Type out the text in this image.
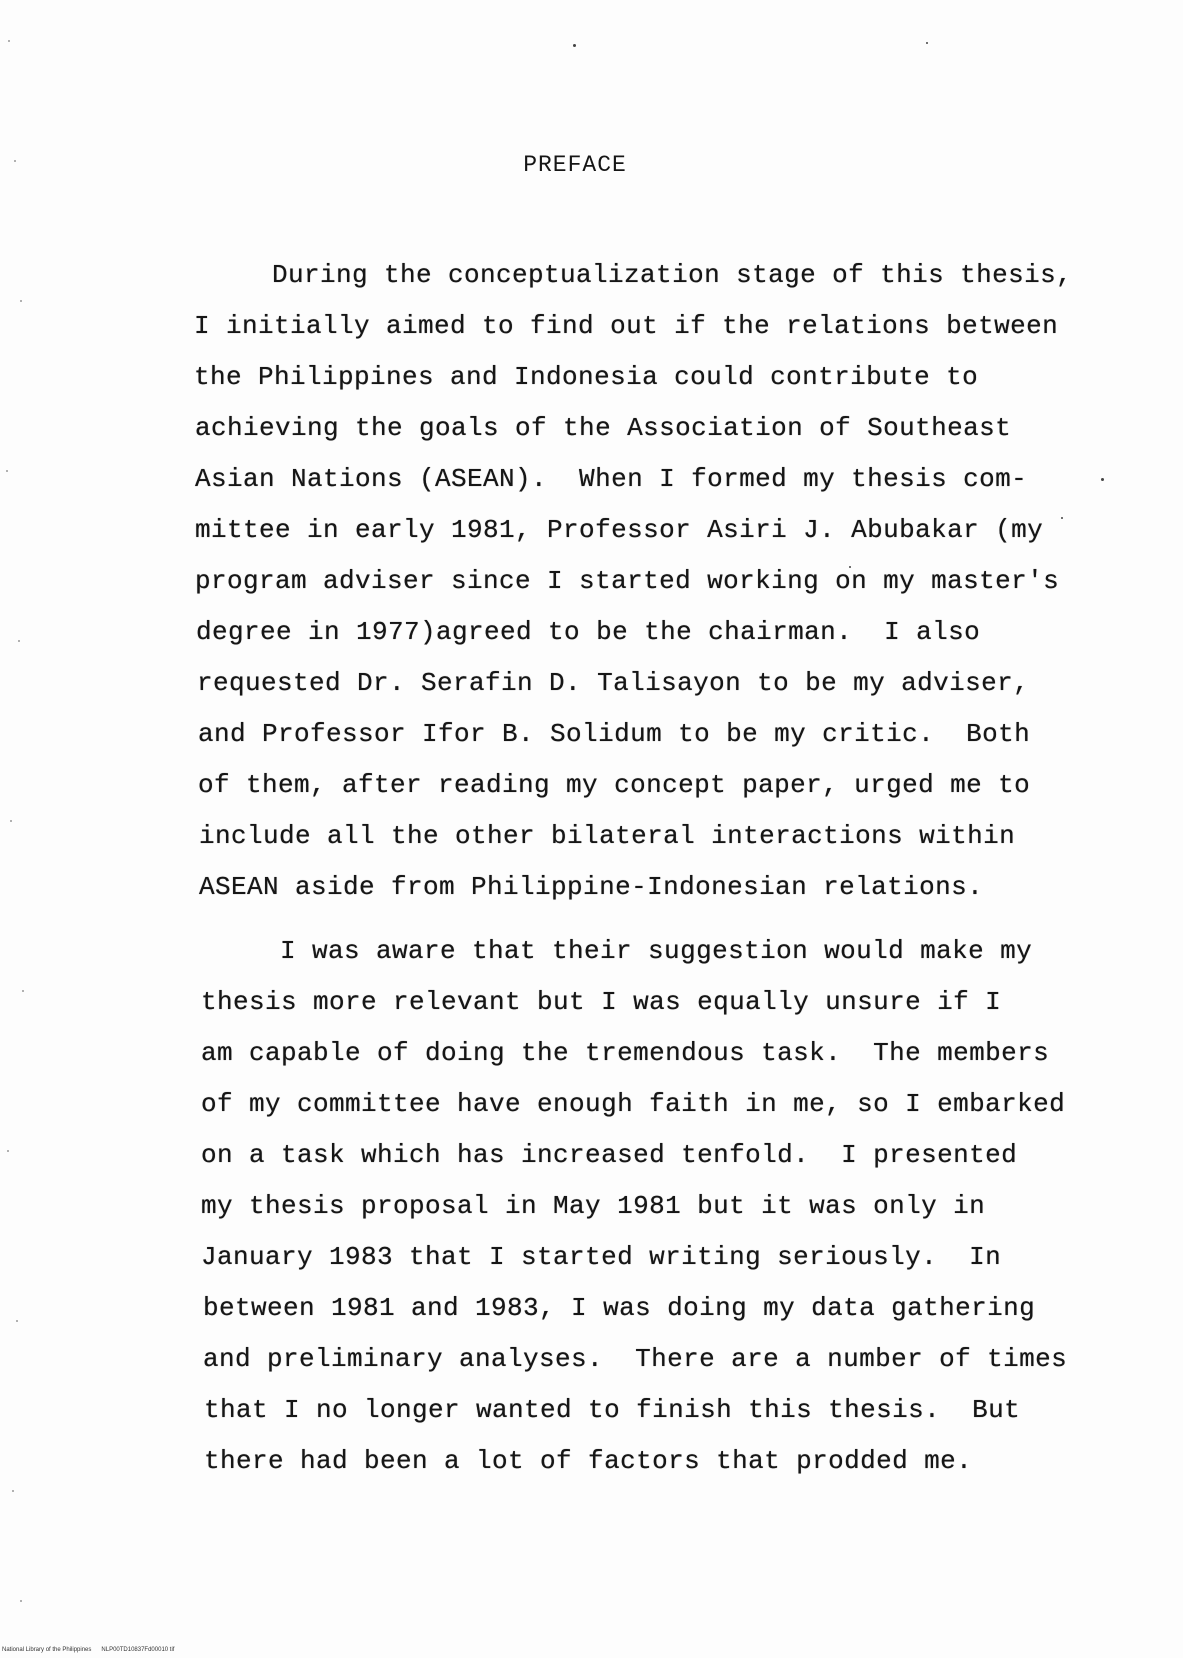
PREFACE
During the conceptualization stage of this thesis,
I initially aimed to find out if the relations between
the Philippines and Indonesia could contribute to
achieving the goals of the Association of Southeast
Asian Nations (ASEAN).  When I formed my thesis com-
mittee in early 1981, Professor Asiri J. Abubakar (my
program adviser since I started working on my master's
degree in 1977)agreed to be the chairman.  I also
requested Dr. Serafin D. Talisayon to be my adviser,
and Professor Ifor B. Solidum to be my critic.  Both
of them, after reading my concept paper, urged me to
include all the other bilateral interactions within
ASEAN aside from Philippine-Indonesian relations.
I was aware that their suggestion would make my
thesis more relevant but I was equally unsure if I
am capable of doing the tremendous task.  The members
of my committee have enough faith in me, so I embarked
on a task which has increased tenfold.  I presented
my thesis proposal in May 1981 but it was only in
January 1983 that I started writing seriously.  In
between 1981 and 1983, I was doing my data gathering
and preliminary analyses.  There are a number of times
that I no longer wanted to finish this thesis.  But
there had been a lot of factors that prodded me.
National Library of the Philippines NLP00TD10837Fd00010 tif
